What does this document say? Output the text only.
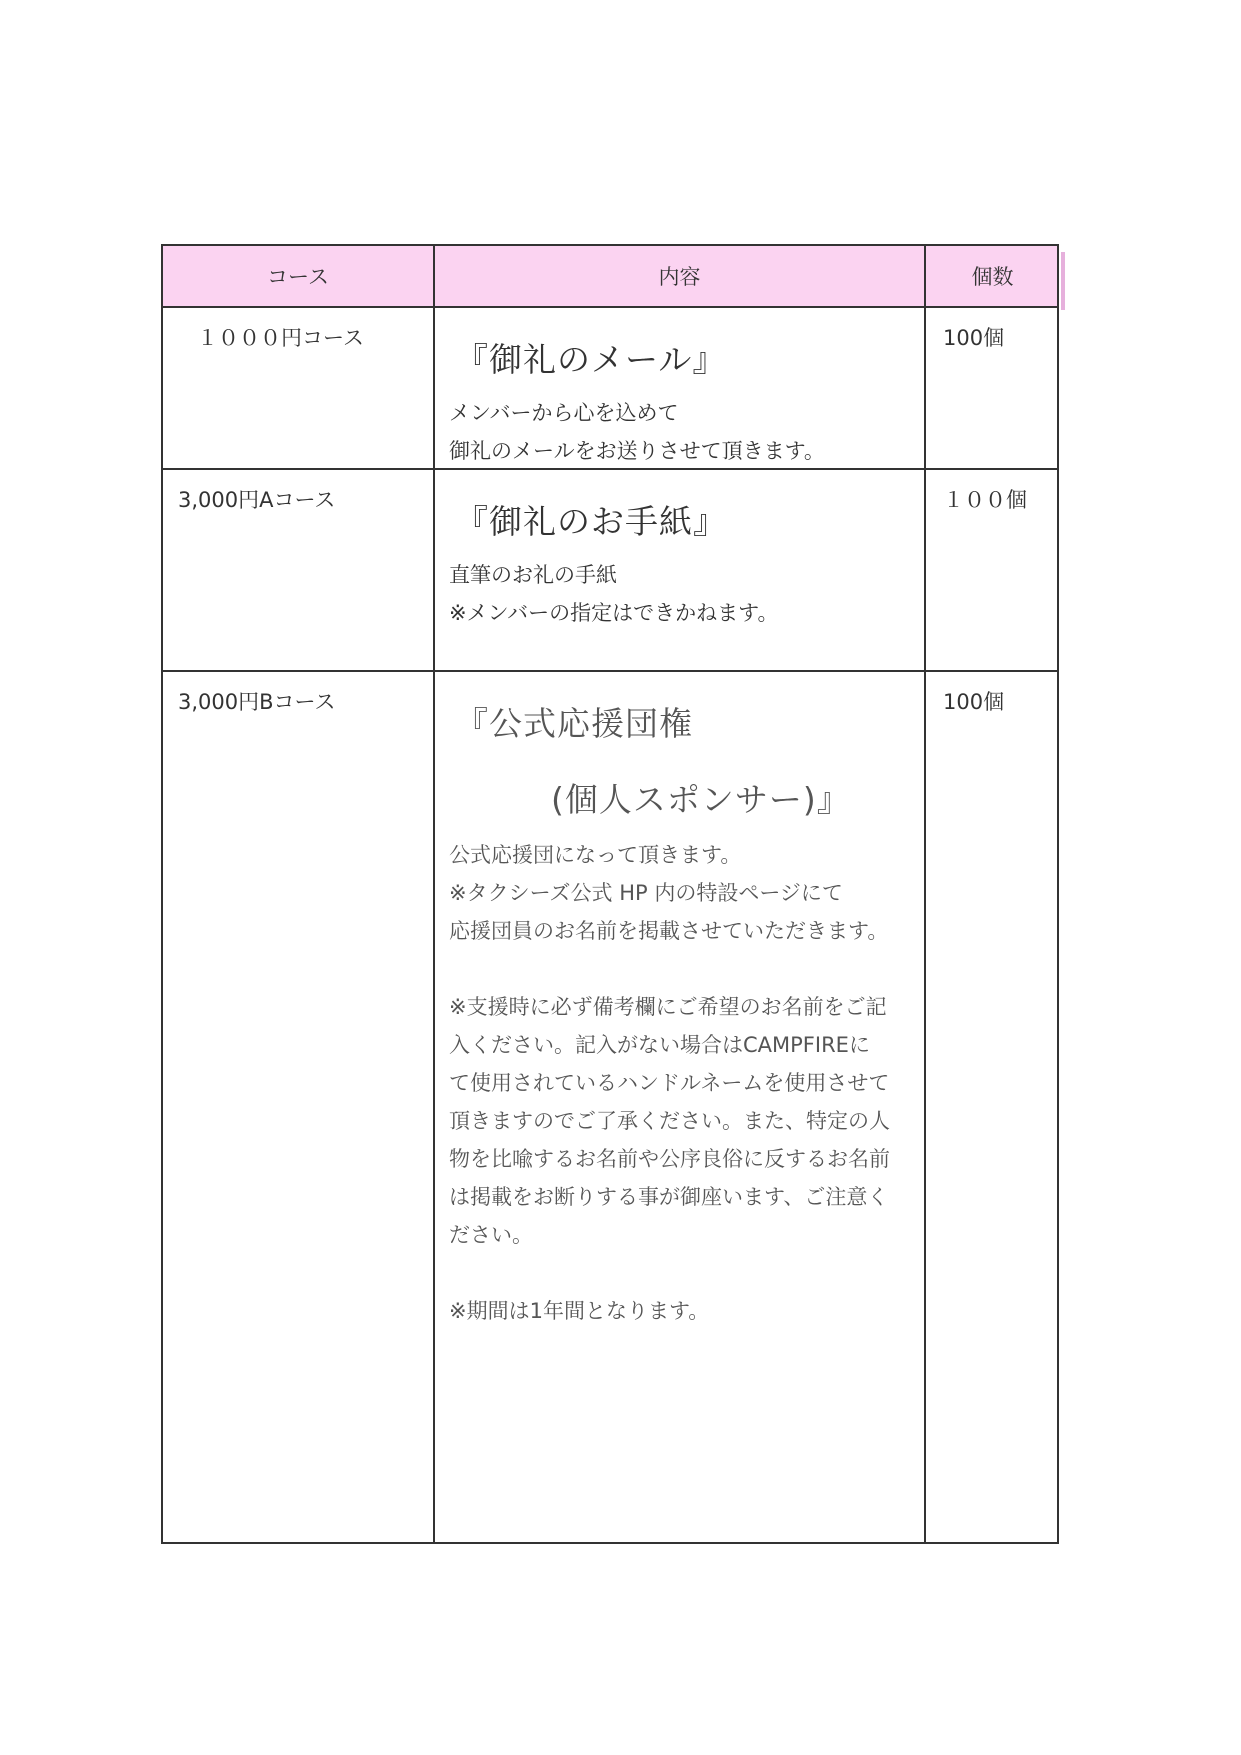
コース	内容	個数
１０００円コース
『御礼のメール』
メンバーから心を込めて
御礼のメールをお送りさせて頂きます。
100個
3,000円Aコース
『御礼のお手紙』
直筆のお礼の手紙
※メンバーの指定はできかねます。
１００個
3,000円Bコース
『公式応援団権
(個人スポンサー)』
公式応援団になって頂きます。
※タクシーズ公式 HP 内の特設ページにて
応援団員のお名前を掲載させていただきます。

※支援時に必ず備考欄にご希望のお名前をご記
入ください。記入がない場合はCAMPFIREに
て使用されているハンドルネームを使用させて
頂きますのでご了承ください。また、特定の人
物を比喩するお名前や公序良俗に反するお名前
は掲載をお断りする事が御座います、ご注意く
ださい。

※期間は1年間となります。
100個
